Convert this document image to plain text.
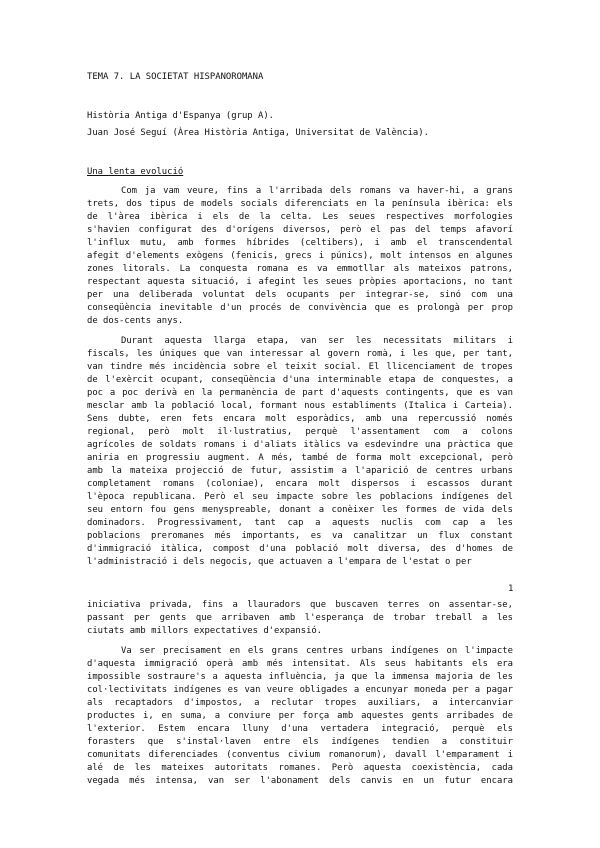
TEMA 7. LA SOCIETAT HISPANOROMANA
Història Antiga d'Espanya (grup A).
Juan José Seguí (Àrea Història Antiga, Universitat de València).
Una lenta evolució
Com ja vam veure, fins a l'arribada dels romans va haver-hi, a grans
trets, dos tipus de models socials diferenciats en la península ibèrica: els
de l'àrea ibèrica i els de la celta. Les seues respectives morfologies
s'havien configurat des d'orígens diversos, però el pas del temps afavorí
l'influx mutu, amb formes híbrides (celtibers), i amb el transcendental
afegit d'elements exògens (fenicis, grecs i púnics), molt intensos en algunes
zones litorals. La conquesta romana es va emmotllar als mateixos patrons,
respectant aquesta situació, i afegint les seues pròpies aportacions, no tant
per una deliberada voluntat dels ocupants per integrar-se, sinó com una
conseqüència inevitable d'un procés de convivència que es prolongà per prop
de dos-cents anys.
Durant aquesta llarga etapa, van ser les necessitats militars i
fiscals, les úniques que van interessar al govern romà, i les que, per tant,
van tindre més incidència sobre el teixit social. El llicenciament de tropes
de l'exèrcit ocupant, conseqüència d'una interminable etapa de conquestes, a
poc a poc derivà en la permanència de part d'aquests contingents, que es van
mesclar amb la població local, formant nous establiments (Italica i Carteia).
Sens dubte, eren fets encara molt esporàdics, amb una repercussió només
regional, però molt il·lustratius, perquè l'assentament com a colons
agrícoles de soldats romans i d'aliats itàlics va esdevindre una pràctica que
aniria en progressiu augment. A més, també de forma molt excepcional, però
amb la mateixa projecció de futur, assistim a l'aparició de centres urbans
completament romans (coloniae), encara molt dispersos i escassos durant
l'època republicana. Però el seu impacte sobre les poblacions indígenes del
seu entorn fou gens menyspreable, donant a conèixer les formes de vida dels
dominadors. Progressivament, tant cap a aquests nuclis com cap a les
poblacions preromanes més importants, es va canalitzar un flux constant
d'immigració itàlica, compost d'una població molt diversa, des d'homes de
l'administració i dels negocis, que actuaven a l'empara de l'estat o per
1
iniciativa privada, fins a llauradors que buscaven terres on assentar-se,
passant per gents que arribaven amb l'esperança de trobar treball a les
ciutats amb millors expectatives d'expansió.
Va ser precisament en els grans centres urbans indígenes on l'impacte
d'aquesta immigració operà amb més intensitat. Als seus habitants els era
impossible sostraure's a aquesta influència, ja que la immensa majoria de les
col·lectivitats indígenes es van veure obligades a encunyar moneda per a pagar
als recaptadors d'impostos, a reclutar tropes auxiliars, a intercanviar
productes i, en suma, a conviure per força amb aquestes gents arribades de
l'exterior. Estem encara lluny d'una vertadera integració, perquè els
forasters que s'instal·laven entre els indígenes tendien a constituir
comunitats diferenciades (conventus civium romanorum), davall l'emparament i
alé de les mateixes autoritats romanes. Però aquesta coexistència, cada
vegada més intensa, van ser l'abonament dels canvis en un futur encara
